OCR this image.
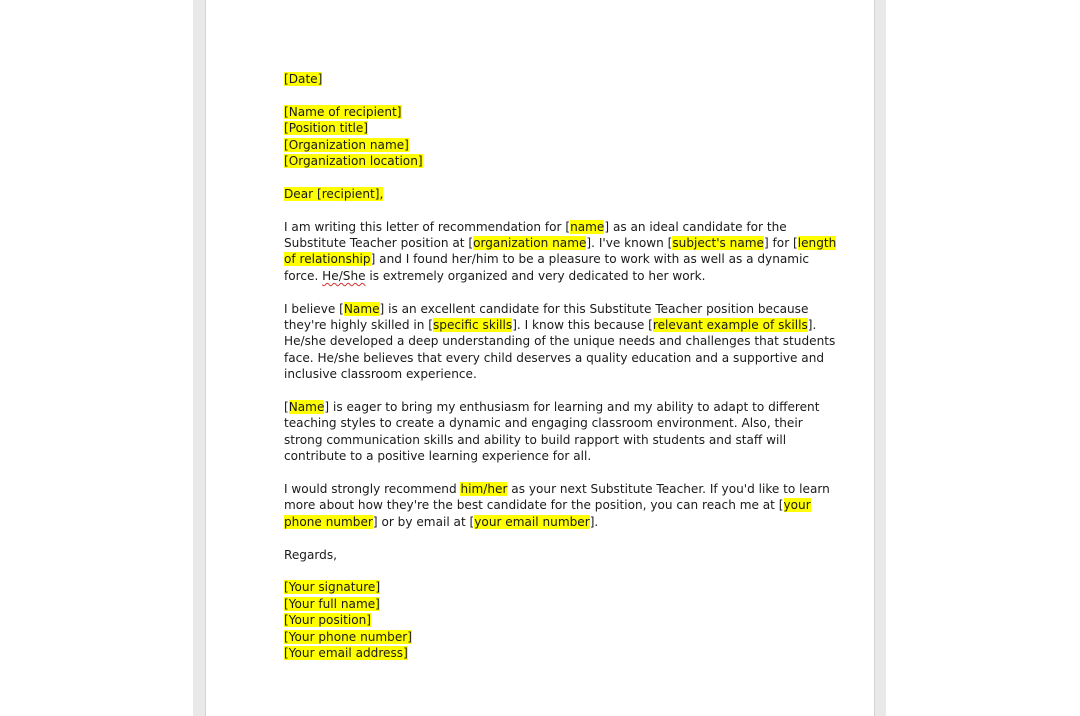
[Date]
[Name of recipient]
[Position title]
[Organization name]
[Organization location]
Dear [recipient],
I am writing this letter of recommendation for [name] as an ideal candidate for the
Substitute Teacher position at [organization name]. I've known [subject's name] for [length
of relationship] and I found her/him to be a pleasure to work with as well as a dynamic
force. He/She is extremely organized and very dedicated to her work.
I believe [Name] is an excellent candidate for this Substitute Teacher position because
they're highly skilled in [specific skills]. I know this because [relevant example of skills].
He/she developed a deep understanding of the unique needs and challenges that students
face. He/she believes that every child deserves a quality education and a supportive and
inclusive classroom experience.
[Name] is eager to bring my enthusiasm for learning and my ability to adapt to different
teaching styles to create a dynamic and engaging classroom environment. Also, their
strong communication skills and ability to build rapport with students and staff will
contribute to a positive learning experience for all.
I would strongly recommend him/her as your next Substitute Teacher. If you'd like to learn
more about how they're the best candidate for the position, you can reach me at [your
phone number] or by email at [your email number].
Regards,
[Your signature]
[Your full name]
[Your position]
[Your phone number]
[Your email address]
